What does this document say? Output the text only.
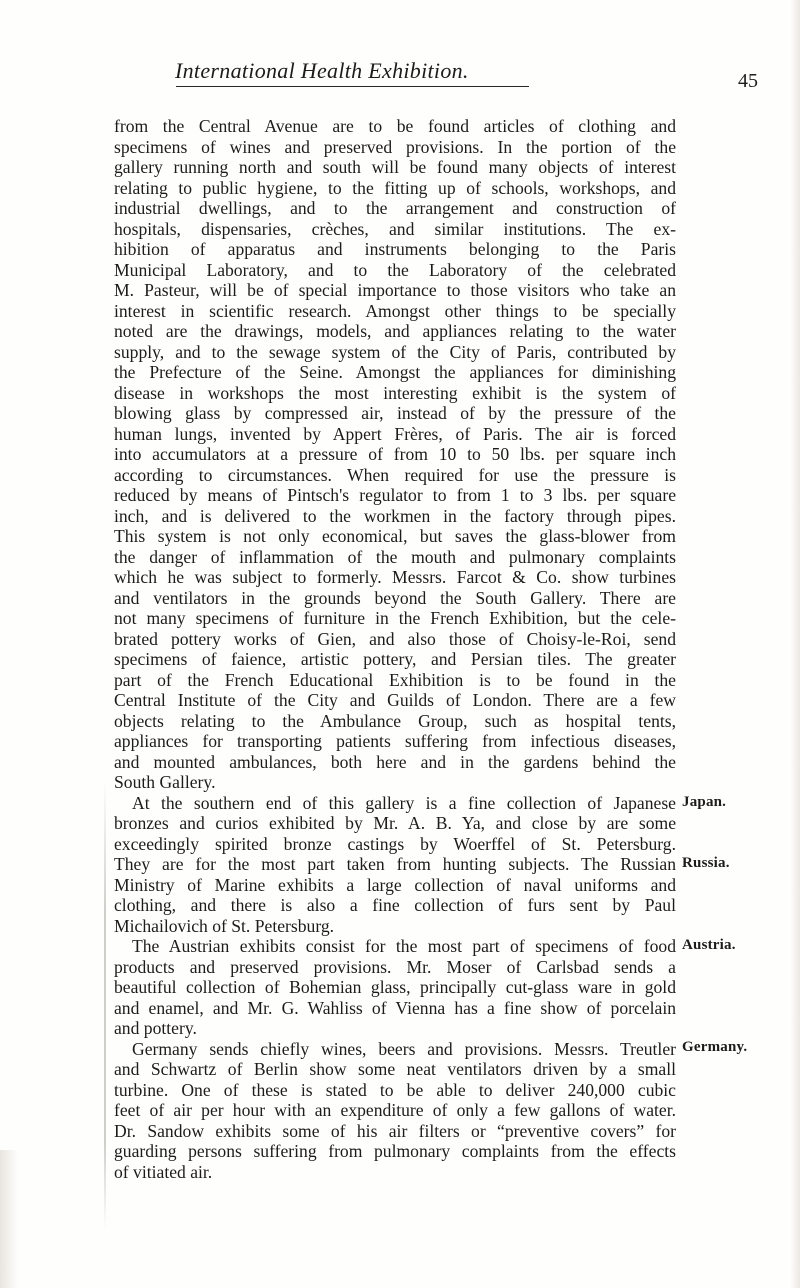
International Health Exhibition.	45
from the Central Avenue are to be found articles of clothing and
specimens of wines and preserved provisions. In the portion of the
gallery running north and south will be found many objects of interest
relating to public hygiene, to the fitting up of schools, workshops, and
industrial dwellings, and to the arrangement and construction of
hospitals, dispensaries, crèches, and similar institutions. The ex-
hibition of apparatus and instruments belonging to the Paris
Municipal Laboratory, and to the Laboratory of the celebrated
M. Pasteur, will be of special importance to those visitors who take an
interest in scientific research. Amongst other things to be specially
noted are the drawings, models, and appliances relating to the water
supply, and to the sewage system of the City of Paris, contributed by
the Prefecture of the Seine. Amongst the appliances for diminishing
disease in workshops the most interesting exhibit is the system of
blowing glass by compressed air, instead of by the pressure of the
human lungs, invented by Appert Frères, of Paris. The air is forced
into accumulators at a pressure of from 10 to 50 lbs. per square inch
according to circumstances. When required for use the pressure is
reduced by means of Pintsch's regulator to from 1 to 3 lbs. per square
inch, and is delivered to the workmen in the factory through pipes.
This system is not only economical, but saves the glass-blower from
the danger of inflammation of the mouth and pulmonary complaints
which he was subject to formerly. Messrs. Farcot & Co. show turbines
and ventilators in the grounds beyond the South Gallery. There are
not many specimens of furniture in the French Exhibition, but the cele-
brated pottery works of Gien, and also those of Choisy-le-Roi, send
specimens of faience, artistic pottery, and Persian tiles. The greater
part of the French Educational Exhibition is to be found in the
Central Institute of the City and Guilds of London. There are a few
objects relating to the Ambulance Group, such as hospital tents,
appliances for transporting patients suffering from infectious diseases,
and mounted ambulances, both here and in the gardens behind the
South Gallery.
At the southern end of this gallery is a fine collection of Japanese
bronzes and curios exhibited by Mr. A. B. Ya, and close by are some
exceedingly spirited bronze castings by Woerffel of St. Petersburg.
They are for the most part taken from hunting subjects. The Russian
Ministry of Marine exhibits a large collection of naval uniforms and
clothing, and there is also a fine collection of furs sent by Paul
Michailovich of St. Petersburg.
The Austrian exhibits consist for the most part of specimens of food
products and preserved provisions. Mr. Moser of Carlsbad sends a
beautiful collection of Bohemian glass, principally cut-glass ware in gold
and enamel, and Mr. G. Wahliss of Vienna has a fine show of porcelain
and pottery.
Germany sends chiefly wines, beers and provisions. Messrs. Treutler
and Schwartz of Berlin show some neat ventilators driven by a small
turbine. One of these is stated to be able to deliver 240,000 cubic
feet of air per hour with an expenditure of only a few gallons of water.
Dr. Sandow exhibits some of his air filters or “preventive covers” for
guarding persons suffering from pulmonary complaints from the effects
of vitiated air.
Japan.
Russia.
Austria.
Germany.
